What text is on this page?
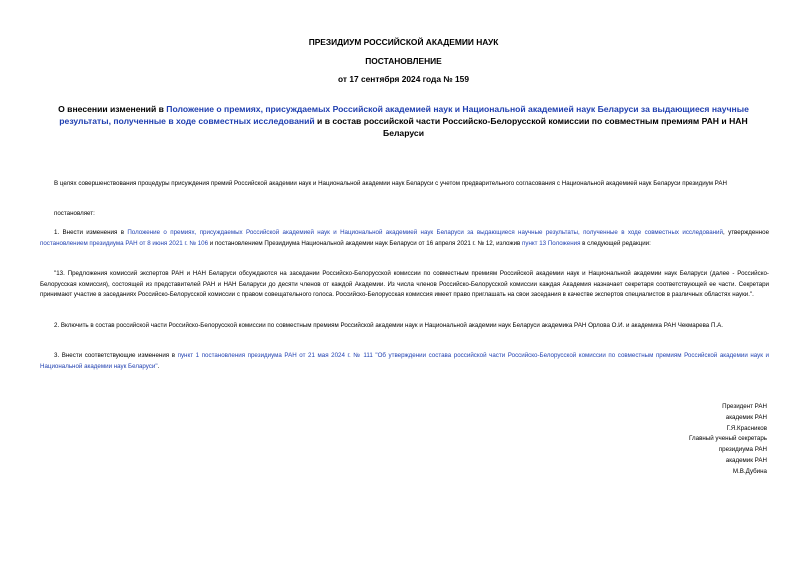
ПРЕЗИДИУМ РОССИЙСКОЙ АКАДЕМИИ НАУК
ПОСТАНОВЛЕНИЕ
от 17 сентября 2024 года № 159
О внесении изменений в Положение о премиях, присуждаемых Российской академией наук и Национальной академией наук Беларуси за выдающиеся научные результаты, полученные в ходе совместных исследований и в состав российской части Российско-Белорусской комиссии по совместным премиям РАН и НАН Беларуси
В целях совершенствования процедуры присуждения премий Российской академии наук и Национальной академии наук Беларуси с учетом предварительного согласования с Национальной академией наук Беларуси президиум РАН
постановляет:
1. Внести изменения в Положение о премиях, присуждаемых Российской академией наук и Национальной академией наук Беларуси за выдающиеся научные результаты, полученные в ходе совместных исследований, утвержденное постановлением президиума РАН от 8 июня 2021 г. № 106 и постановлением Президиума Национальной академии наук Беларуси от 16 апреля 2021 г. № 12, изложив пункт 13 Положения в следующей редакции:
"13. Предложения комиссий экспертов РАН и НАН Беларуси обсуждаются на заседании Российско-Белорусской комиссии по совместным премиям Российской академии наук и Национальной академии наук Беларуси (далее - Российско-Белорусская комиссия), состоящей из представителей РАН и НАН Беларуси до десяти членов от каждой Академии. Из числа членов Российско-Белорусской комиссии каждая Академия назначает секретаря соответствующей ее части. Секретари принимают участие в заседаниях Российско-Белорусской комиссии с правом совещательного голоса. Российско-Белорусская комиссия имеет право приглашать на свои заседания в качестве экспертов специалистов в различных областях науки.".
2. Включить в состав российской части Российско-Белорусской комиссии по совместным премиям Российской академии наук и Национальной академии наук Беларуси академика РАН Орлова О.И. и академика РАН Чекмарева П.А.
3. Внести соответствующие изменения в пункт 1 постановления президиума РАН от 21 мая 2024 г. № 111 "Об утверждении состава российской части Российско-Белорусской комиссии по совместным премиям Российской академии наук и Национальной академии наук Беларуси".
Президент РАН
академик РАН
Г.Я.Красников
Главный ученый секретарь
президиума РАН
академик РАН
М.В.Дубина
